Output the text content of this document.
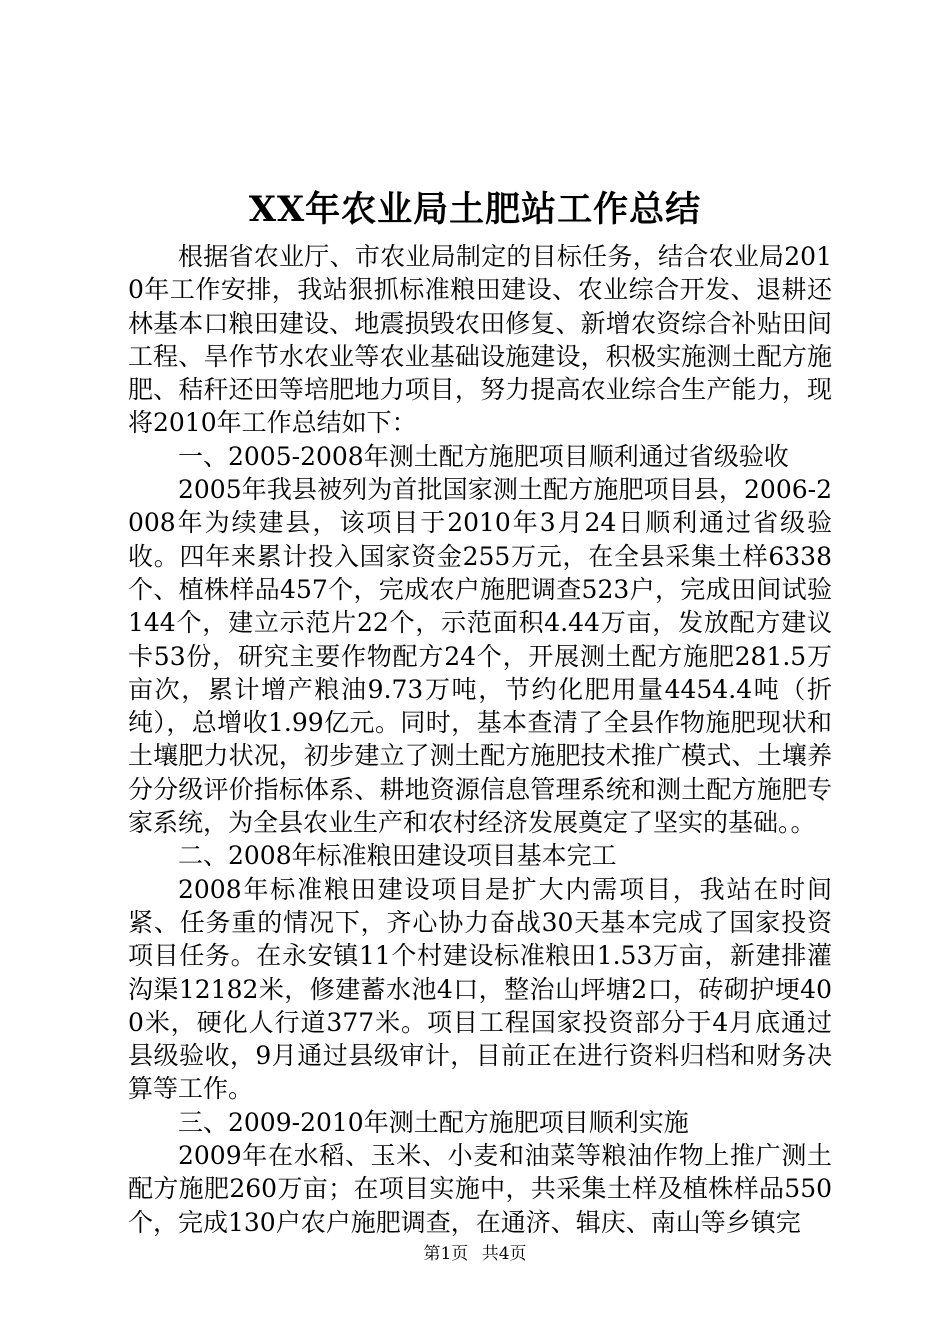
XX年农业局土肥站工作总结

根据省农业厅、市农业局制定的目标任务，结合农业局2010年工作安排，我站狠抓标准粮田建设、农业综合开发、退耕还林基本口粮田建设、地震损毁农田修复、新增农资综合补贴田间工程、旱作节水农业等农业基础设施建设，积极实施测土配方施肥、秸秆还田等培肥地力项目，努力提高农业综合生产能力，现将2010年工作总结如下：

一、2005-2008年测土配方施肥项目顺利通过省级验收

2005年我县被列为首批国家测土配方施肥项目县，2006-2008年为续建县，该项目于2010年3月24日顺利通过省级验收。四年来累计投入国家资金255万元，在全县采集土样6338个、植株样品457个，完成农户施肥调查523户，完成田间试验144个，建立示范片22个，示范面积4.44万亩，发放配方建议卡53份，研究主要作物配方24个，开展测土配方施肥281.5万亩次，累计增产粮油9.73万吨，节约化肥用量4454.4吨（折纯），总增收1.99亿元。同时，基本查清了全县作物施肥现状和土壤肥力状况，初步建立了测土配方施肥技术推广模式、土壤养分分级评价指标体系、耕地资源信息管理系统和测土配方施肥专家系统，为全县农业生产和农村经济发展奠定了坚实的基础。。

二、2008年标准粮田建设项目基本完工

2008年标准粮田建设项目是扩大内需项目，我站在时间紧、任务重的情况下，齐心协力奋战30天基本完成了国家投资项目任务。在永安镇11个村建设标准粮田1.53万亩，新建排灌沟渠12182米，修建蓄水池4口，整治山坪塘2口，砖砌护埂400米，硬化人行道377米。项目工程国家投资部分于4月底通过县级验收，9月通过县级审计，目前正在进行资料归档和财务决算等工作。

三、2009-2010年测土配方施肥项目顺利实施

2009年在水稻、玉米、小麦和油菜等粮油作物上推广测土配方施肥260万亩；在项目实施中，共采集土样及植株样品550个，完成130户农户施肥调查，在通济、辑庆、南山等乡镇完

第1页 共4页
